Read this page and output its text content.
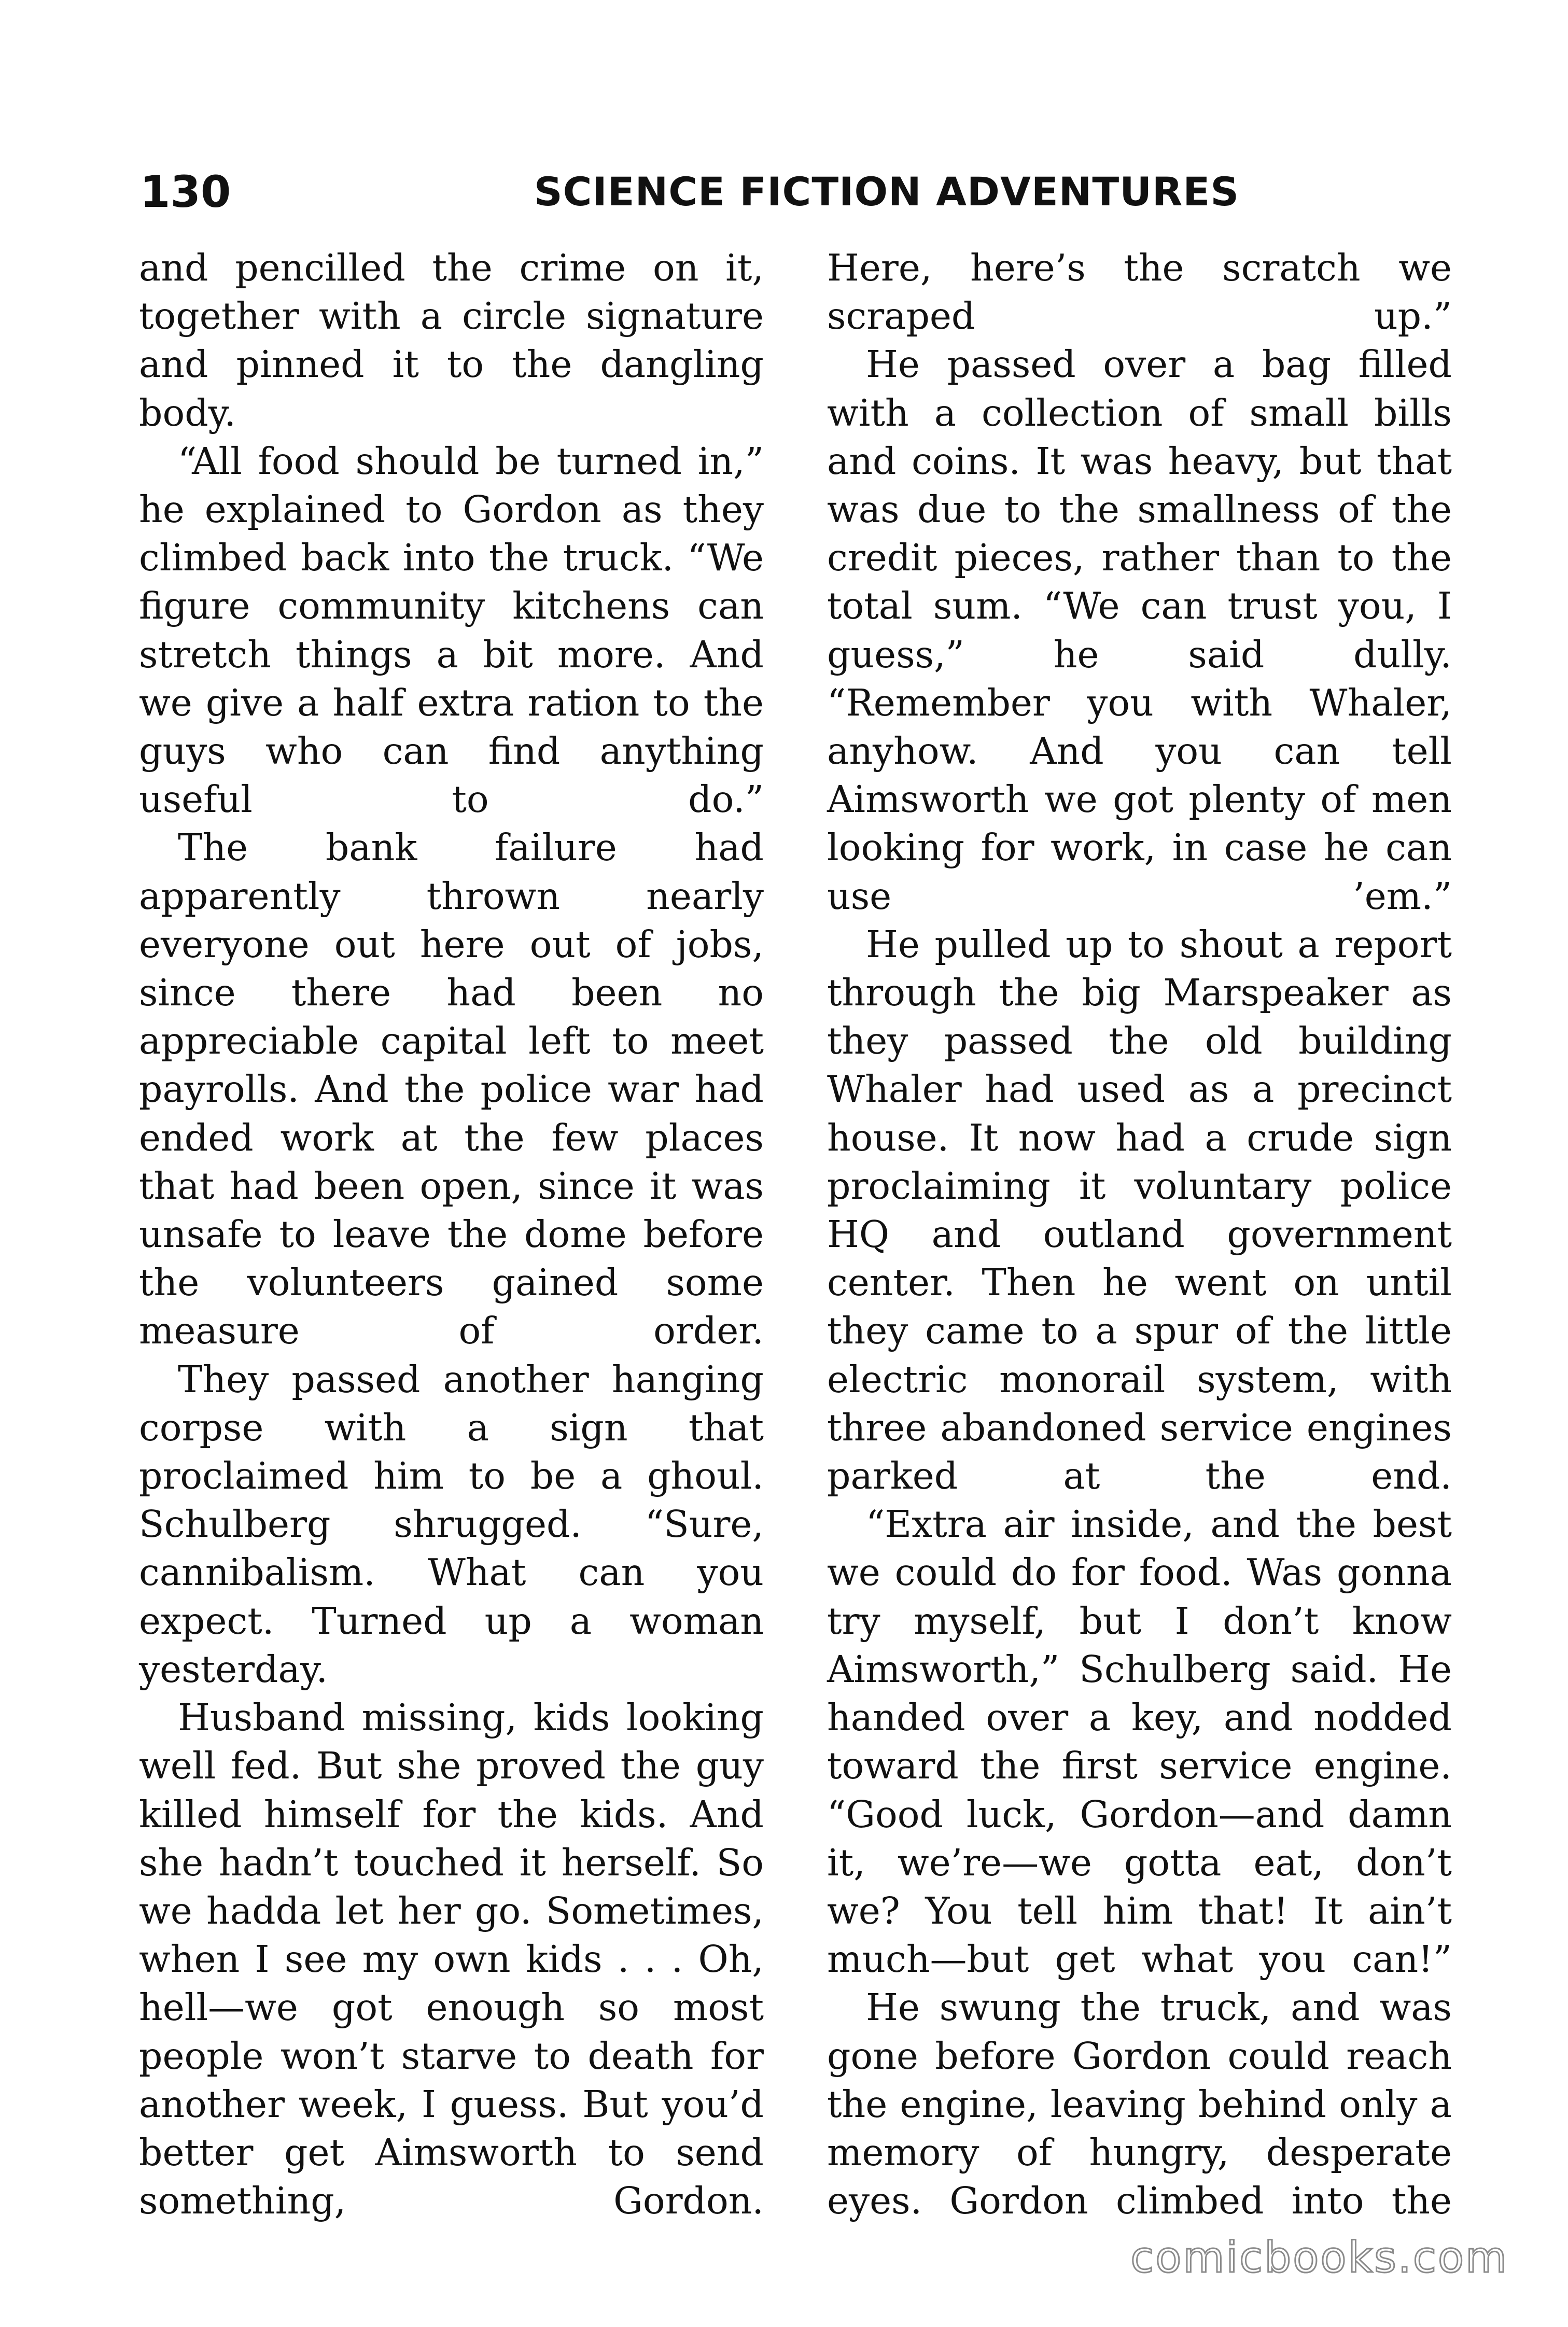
130	SCIENCE FICTION ADVENTURES

and pencilled the crime on it, together with a circle signature and pinned it to the dangling body.

“All food should be turned in,” he explained to Gordon as they climbed back into the truck. “We figure community kitchens can stretch things a bit more. And we give a half extra ration to the guys who can find anything useful to do.”

The bank failure had apparently thrown nearly everyone out here out of jobs, since there had been no appreciable capital left to meet payrolls. And the police war had ended work at the few places that had been open, since it was unsafe to leave the dome before the volunteers gained some measure of order.

They passed another hanging corpse with a sign that proclaimed him to be a ghoul. Schulberg shrugged. “Sure, cannibalism. What can you expect. Turned up a woman yesterday.

Husband missing, kids looking well fed. But she proved the guy killed himself for the kids. And she hadn’t touched it herself. So we hadda let her go. Sometimes, when I see my own kids . . . Oh, hell—we got enough so most people won’t starve to death for another week, I guess. But you’d better get Aimsworth to send something, Gordon.

Here, here’s the scratch we scraped up.”

He passed over a bag filled with a collection of small bills and coins. It was heavy, but that was due to the smallness of the credit pieces, rather than to the total sum. “We can trust you, I guess,” he said dully. “Remember you with Whaler, anyhow. And you can tell Aimsworth we got plenty of men looking for work, in case he can use ’em.”

He pulled up to shout a report through the big Marspeaker as they passed the old building Whaler had used as a precinct house. It now had a crude sign proclaiming it voluntary police HQ and outland government center. Then he went on until they came to a spur of the little electric monorail system, with three abandoned service engines parked at the end.

“Extra air inside, and the best we could do for food. Was gonna try myself, but I don’t know Aimsworth,” Schulberg said. He handed over a key, and nodded toward the first service engine. “Good luck, Gordon—and damn it, we’re—we gotta eat, don’t we? You tell him that! It ain’t much—but get what you can!”

He swung the truck, and was gone before Gordon could reach the engine, leaving behind only a memory of hungry, desperate eyes. Gordon climbed into the

comicbooks.com
